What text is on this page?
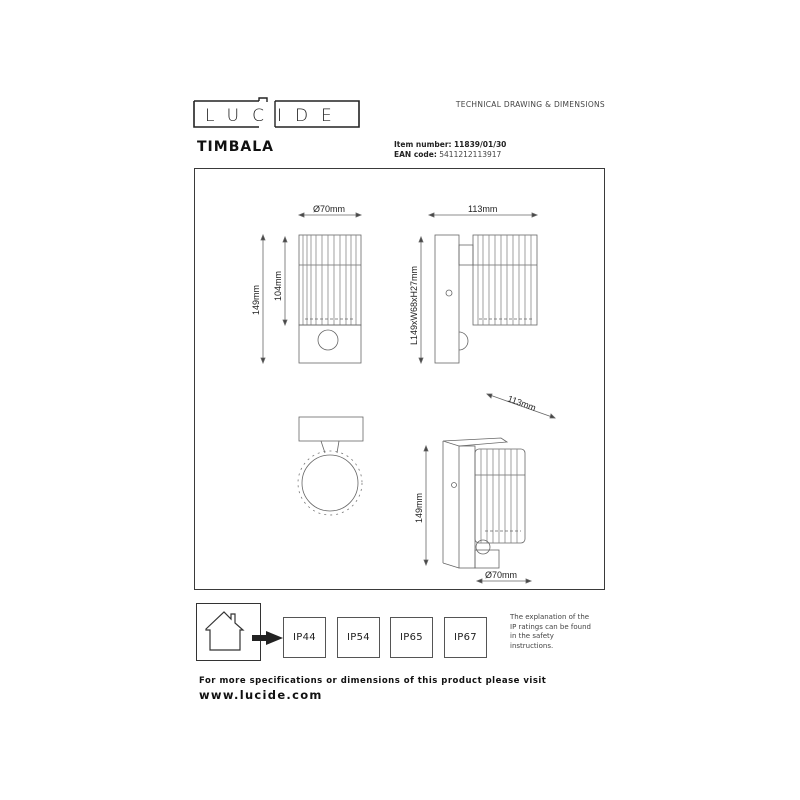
LUCIDE
TECHNICAL DRAWING & DIMENSIONS
TIMBALA	Item number: 11839/01/30
EAN code: 5411212113917
Ø70mm
149mm 104mm
113mm
L149xW68xH27mm
113mm
149mm
Ø70mm
IP44	IP54	IP65	IP67
The explanation of the
IP ratings can be found
in the safety
instructions.
For more specifications or dimensions of this product please visit
www.lucide.com
